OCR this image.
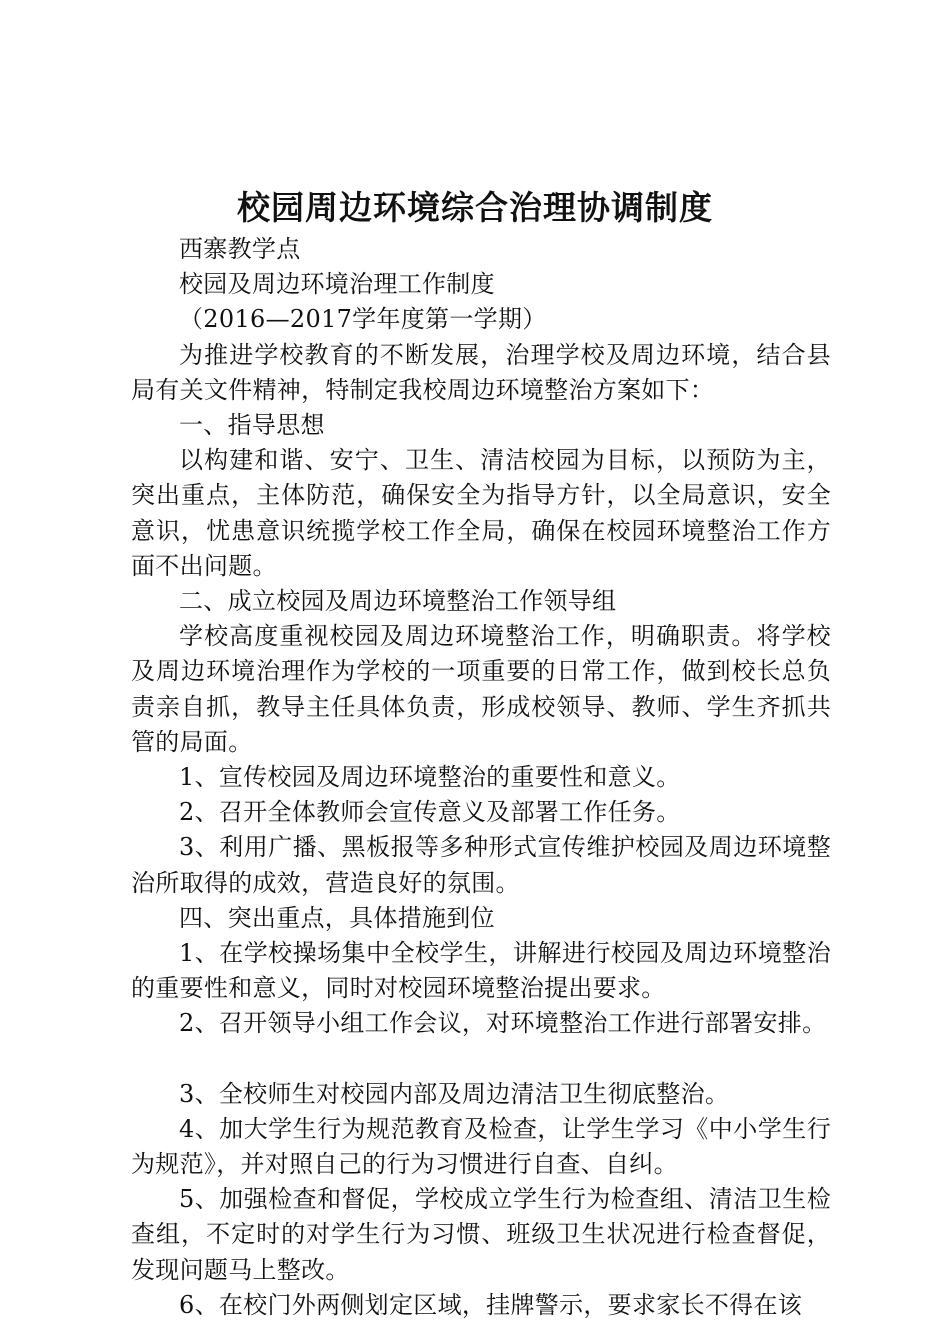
校园周边环境综合治理协调制度

西寨教学点

校园及周边环境治理工作制度

（2016—2017学年度第一学期）

为推进学校教育的不断发展，治理学校及周边环境，结合县局有关文件精神，特制定我校周边环境整治方案如下：

一、指导思想

以构建和谐、安宁、卫生、清洁校园为目标，以预防为主，突出重点，主体防范，确保安全为指导方针，以全局意识，安全意识，忧患意识统揽学校工作全局，确保在校园环境整治工作方面不出问题。

二、成立校园及周边环境整治工作领导组

学校高度重视校园及周边环境整治工作，明确职责。将学校及周边环境治理作为学校的一项重要的日常工作，做到校长总负责亲自抓，教导主任具体负责，形成校领导、教师、学生齐抓共管的局面。

1、宣传校园及周边环境整治的重要性和意义。

2、召开全体教师会宣传意义及部署工作任务。

3、利用广播、黑板报等多种形式宣传维护校园及周边环境整治所取得的成效，营造良好的氛围。

四、突出重点，具体措施到位

1、在学校操场集中全校学生，讲解进行校园及周边环境整治的重要性和意义，同时对校园环境整治提出要求。

2、召开领导小组工作会议，对环境整治工作进行部署安排。

3、全校师生对校园内部及周边清洁卫生彻底整治。

4、加大学生行为规范教育及检查，让学生学习《中小学生行为规范》，并对照自己的行为习惯进行自查、自纠。

5、加强检查和督促，学校成立学生行为检查组、清洁卫生检查组，不定时的对学生行为习惯、班级卫生状况进行检查督促，发现问题马上整改。

6、在校门外两侧划定区域，挂牌警示，要求家长不得在该
